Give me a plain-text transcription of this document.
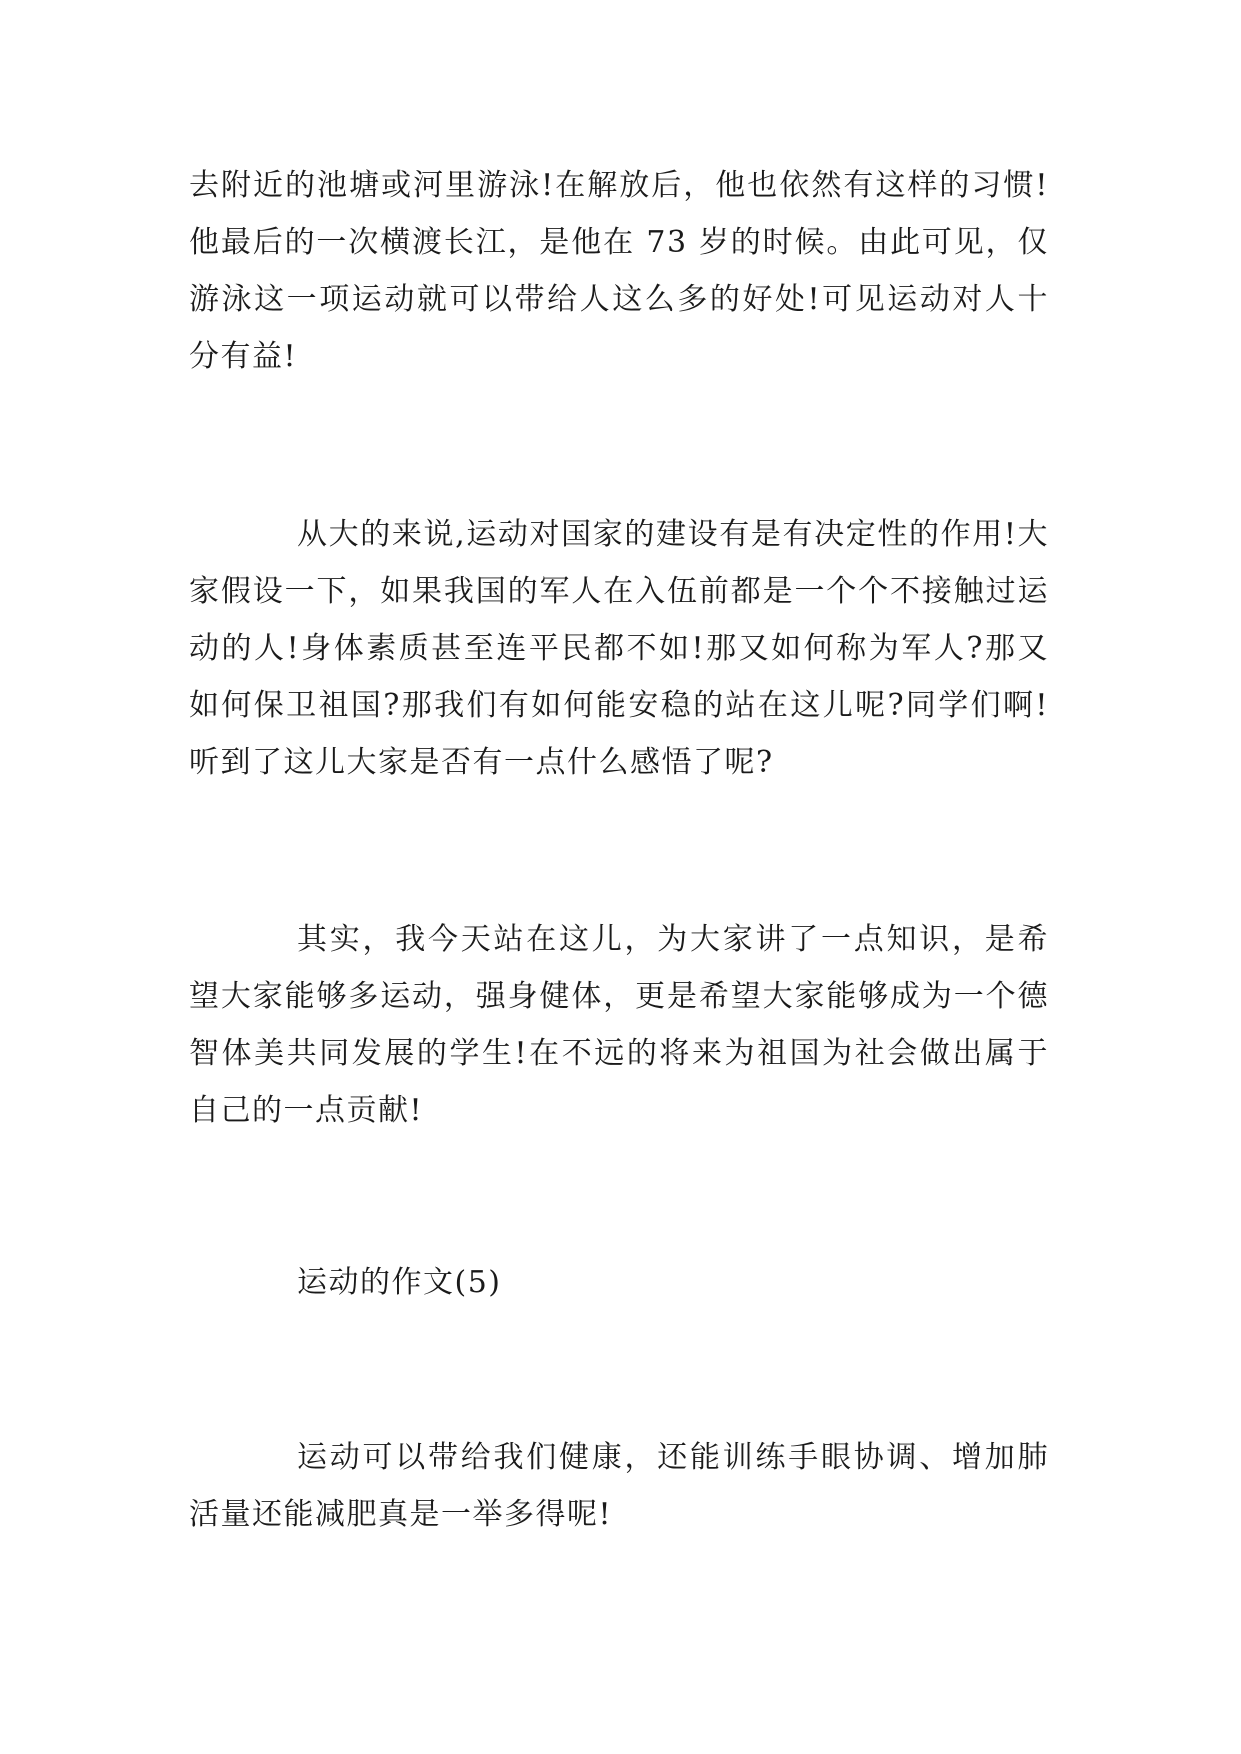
去附近的池塘或河里游泳!在解放后，他也依然有这样的习惯!他最后的一次横渡长江，是他在 73 岁的时候。由此可见，仅游泳这一项运动就可以带给人这么多的好处!可见运动对人十分有益!

从大的来说,运动对国家的建设有是有决定性的作用!大家假设一下，如果我国的军人在入伍前都是一个个不接触过运动的人!身体素质甚至连平民都不如!那又如何称为军人?那又如何保卫祖国?那我们有如何能安稳的站在这儿呢?同学们啊!听到了这儿大家是否有一点什么感悟了呢?

其实，我今天站在这儿，为大家讲了一点知识，是希望大家能够多运动，强身健体，更是希望大家能够成为一个德智体美共同发展的学生!在不远的将来为祖国为社会做出属于自己的一点贡献!

运动的作文(5)

运动可以带给我们健康，还能训练手眼协调、增加肺活量还能减肥真是一举多得呢!
